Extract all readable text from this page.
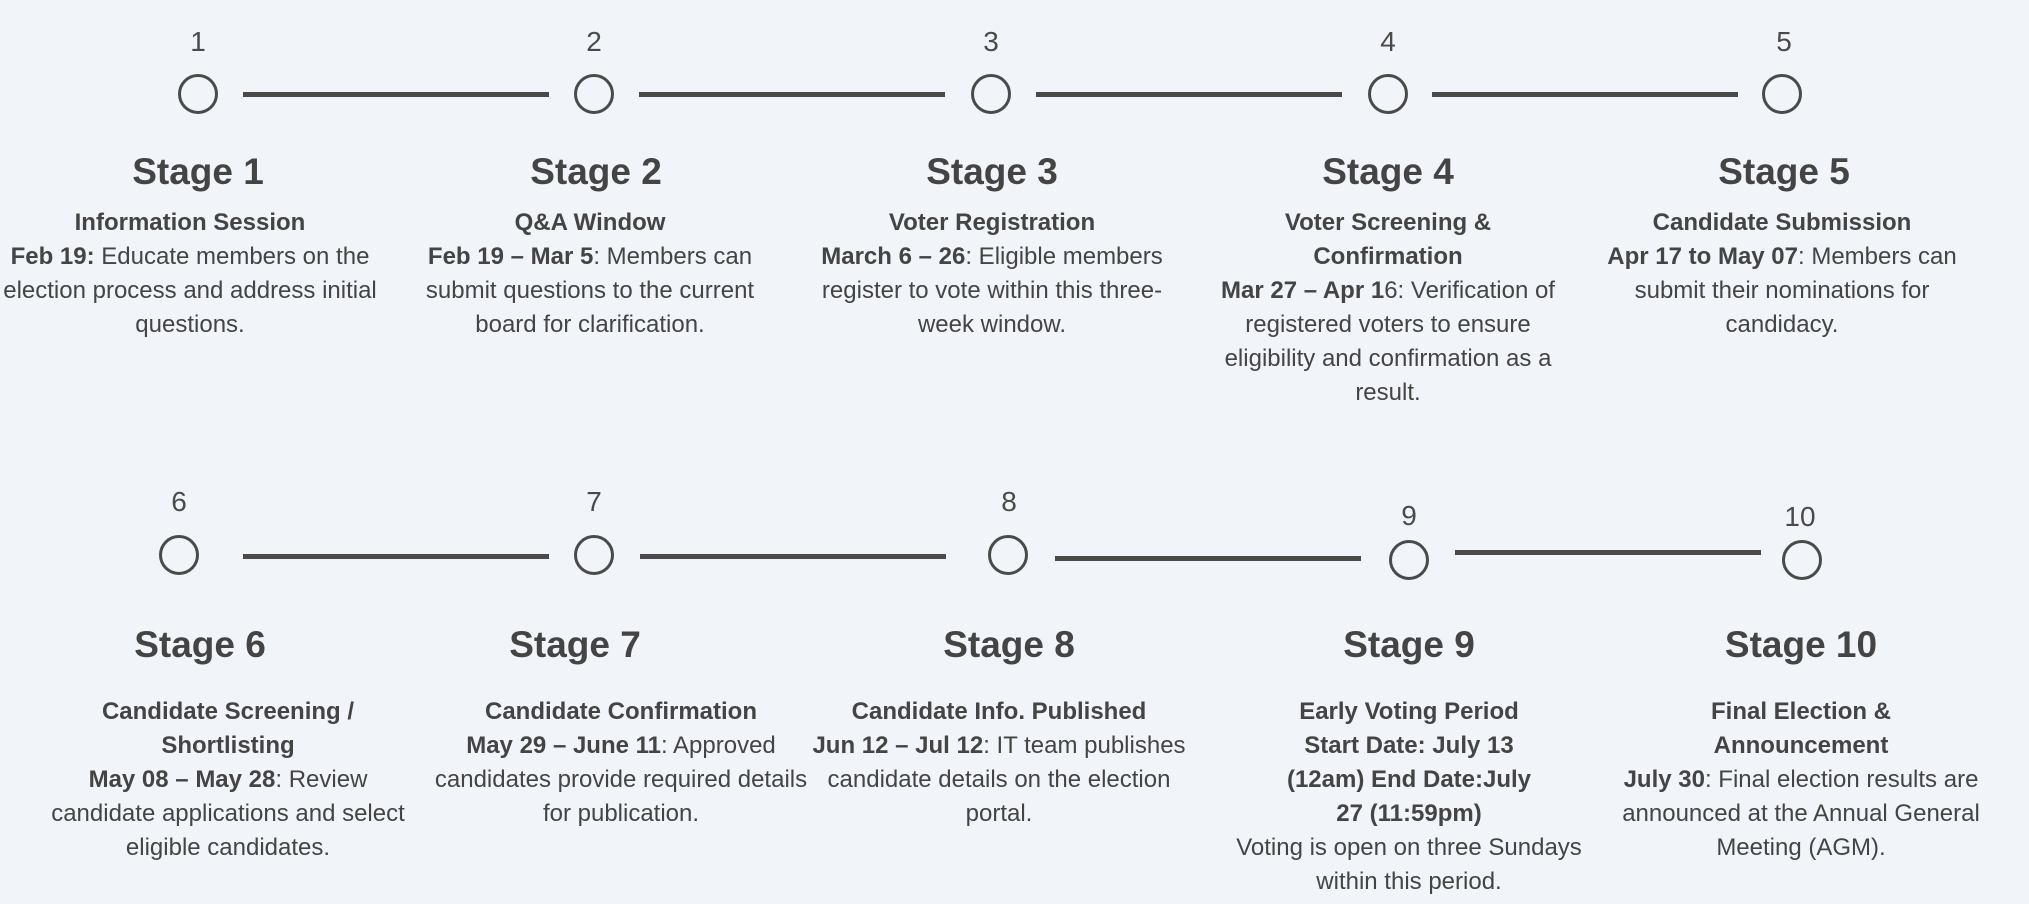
1
Stage 1
Information Session
Feb 19: Educate members on the election process and address initial questions.
2
Stage 2
Q&A Window
Feb 19 – Mar 5: Members can submit questions to the current board for clarification.
3
Stage 3
Voter Registration
March 6 – 26: Eligible members register to vote within this three-week window.
4
Stage 4
Voter Screening & Confirmation
Mar 27 – Apr 16: Verification of registered voters to ensure eligibility and confirmation as a result.
5
Stage 5
Candidate Submission
Apr 17 to May 07: Members can submit their nominations for candidacy.
6
Stage 6
Candidate Screening / Shortlisting
May 08 – May 28: Review candidate applications and select eligible candidates.
7
Stage 7
Candidate Confirmation
May 29 – June 11: Approved candidates provide required details for publication.
8
Stage 8
Candidate Info. Published
Jun 12 – Jul 12: IT team publishes candidate details on the election portal.
9
Stage 9
Early Voting Period
Start Date: July 13 (12am) End Date:July 27 (11:59pm)
Voting is open on three Sundays within this period.
10
Stage 10
Final Election & Announcement
July 30: Final election results are announced at the Annual General Meeting (AGM).
